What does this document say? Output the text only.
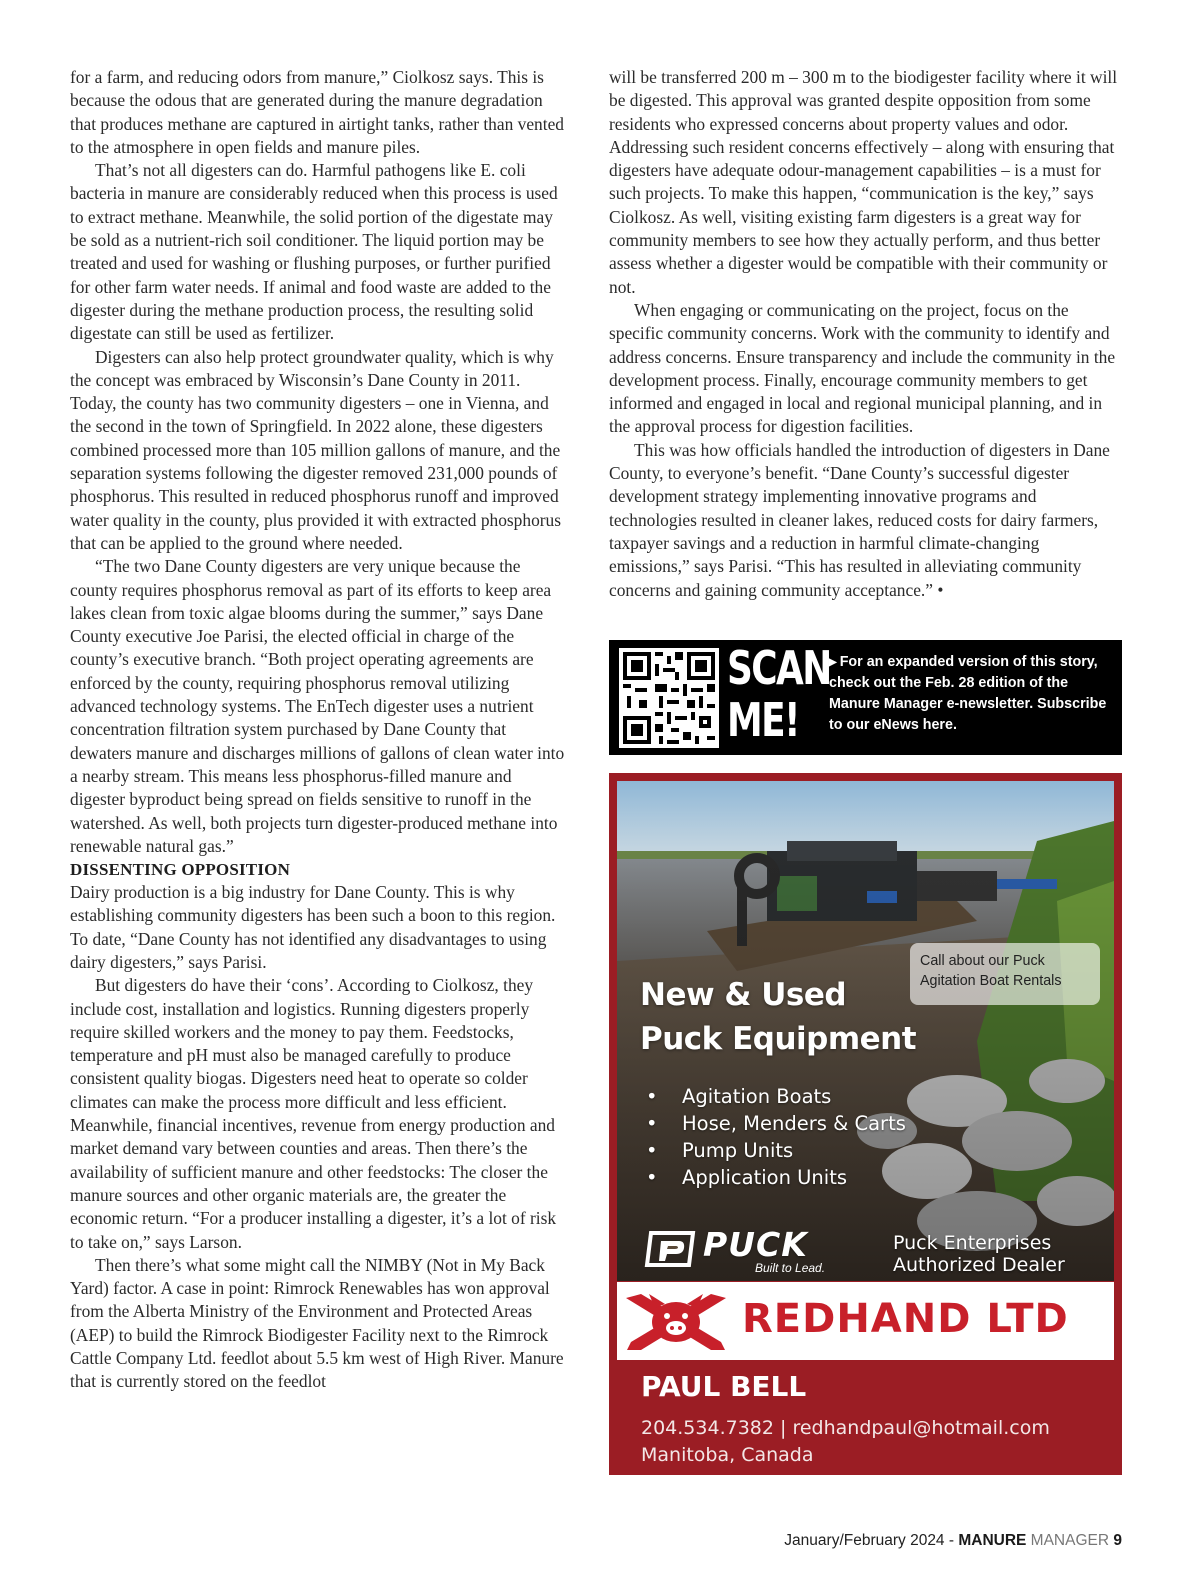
for a farm, and reducing odors from manure,” Ciolkosz says. This is because the odous that are generated during the manure degradation that produces methane are captured in airtight tanks, rather than vented to the atmosphere in open fields and manure piles.

That’s not all digesters can do. Harmful pathogens like E. coli bacteria in manure are considerably reduced when this process is used to extract methane. Meanwhile, the solid portion of the digestate may be sold as a nutrient-rich soil conditioner. The liquid portion may be treated and used for washing or flushing purposes, or further purified for other farm water needs. If animal and food waste are added to the digester during the methane production process, the resulting solid digestate can still be used as fertilizer.

Digesters can also help protect groundwater quality, which is why the concept was embraced by Wisconsin’s Dane County in 2011. Today, the county has two community digesters – one in Vienna, and the second in the town of Springfield. In 2022 alone, these digesters combined processed more than 105 million gallons of manure, and the separation systems following the digester removed 231,000 pounds of phosphorus. This resulted in reduced phosphorus runoff and improved water quality in the county, plus provided it with extracted phosphorus that can be applied to the ground where needed.

“The two Dane County digesters are very unique because the county requires phosphorus removal as part of its efforts to keep area lakes clean from toxic algae blooms during the summer,” says Dane County executive Joe Parisi, the elected official in charge of the county’s executive branch. “Both project operating agreements are enforced by the county, requiring phosphorus removal utilizing advanced technology systems. The EnTech digester uses a nutrient concentration filtration system purchased by Dane County that dewaters manure and discharges millions of gallons of clean water into a nearby stream. This means less phosphorus-filled manure and digester byproduct being spread on fields sensitive to runoff in the watershed. As well, both projects turn digester-produced methane into renewable natural gas.”

DISSENTING OPPOSITION

Dairy production is a big industry for Dane County. This is why establishing community digesters has been such a boon to this region. To date, “Dane County has not identified any disadvantages to using dairy digesters,” says Parisi.

But digesters do have their ‘cons’. According to Ciolkosz, they include cost, installation and logistics. Running digesters properly require skilled workers and the money to pay them. Feedstocks, temperature and pH must also be managed carefully to produce consistent quality biogas. Digesters need heat to operate so colder climates can make the process more difficult and less efficient. Meanwhile, financial incentives, revenue from energy production and market demand vary between counties and areas. Then there’s the availability of sufficient manure and other feedstocks: The closer the manure sources and other organic materials are, the greater the economic return. “For a producer installing a digester, it’s a lot of risk to take on,” says Larson.

Then there’s what some might call the NIMBY (Not in My Back Yard) factor. A case in point: Rimrock Renewables has won approval from the Alberta Ministry of the Environment and Protected Areas (AEP) to build the Rimrock Biodigester Facility next to the Rimrock Cattle Company Ltd. feedlot about 5.5 km west of High River. Manure that is currently stored on the feedlot

will be transferred 200 m – 300 m to the biodigester facility where it will be digested. This approval was granted despite opposition from some residents who expressed concerns about property values and odor. Addressing such resident concerns effectively – along with ensuring that digesters have adequate odour-management capabilities – is a must for such projects. To make this happen, “communication is the key,” says Ciolkosz. As well, visiting existing farm digesters is a great way for community members to see how they actually perform, and thus better assess whether a digester would be compatible with their community or not.

When engaging or communicating on the project, focus on the specific community concerns. Work with the community to identify and address concerns. Ensure transparency and include the community in the development process. Finally, encourage community members to get informed and engaged in local and regional municipal planning, and in the approval process for digestion facilities.

This was how officials handled the introduction of digesters in Dane County, to everyone’s benefit. “Dane County’s successful digester development strategy implementing innovative programs and technologies resulted in cleaner lakes, reduced costs for dairy farmers, taxpayer savings and a reduction in harmful climate-changing emissions,” says Parisi. “This has resulted in alleviating community concerns and gaining community acceptance.” •

SCAN
ME!
▶ For an expanded version of this story, check out the Feb. 28 edition of the Manure Manager e-newsletter. Subscribe to our eNews here.
Call about our Puck Agitation Boat Rentals
New & Used
Puck Equipment
• Agitation Boats
• Hose, Menders & Carts
• Pump Units
• Application Units
PUCK
Built to Lead.
Puck Enterprises
Authorized Dealer
REDHAND LTD
PAUL BELL
204.534.7382 | redhandpaul@hotmail.com
Manitoba, Canada
January/February 2024 - MANURE MANAGER 9
